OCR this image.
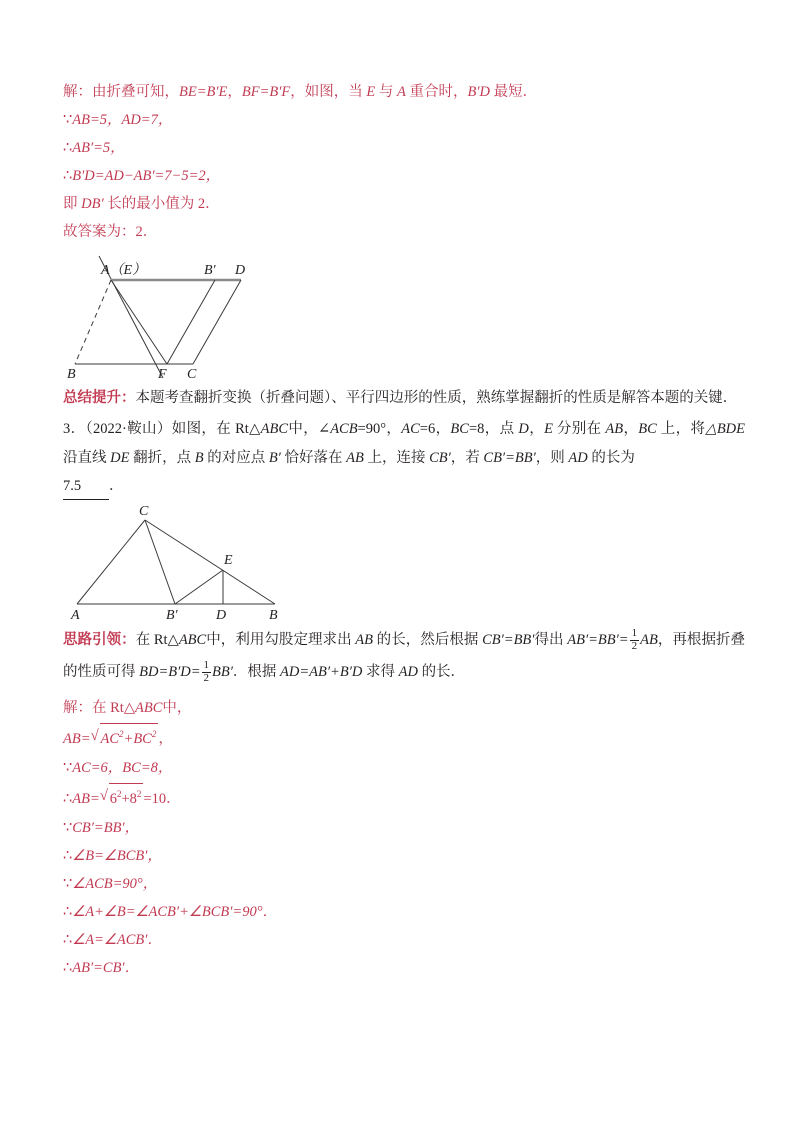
解：由折叠可知，BE=B′E，BF=B′F，如图，当 E 与 A 重合时，B′D 最短．
∵AB=5，AD=7，
∴AB′=5，
∴B′D=AD−AB′=7−5=2，
即 DB′ 长的最小值为 2．
故答案为：2．
A（E）	B′ D
B	F C
总结提升：本题考查翻折变换（折叠问题）、平行四边形的性质，熟练掌握翻折的性质是解答本题的关键．
3．（2022·鞍山）如图，在 Rt△ABC中，∠ACB=90°，AC=6，BC=8，点 D，E 分别在 AB，BC 上，将△BDE 沿直线 DE 翻折，点 B 的对应点 B′ 恰好落在 AB 上，连接 CB′，若 CB′=BB′，则 AD 的长为
7.5 ．
C
E
A	B′	D	B
思路引领：在 Rt△ABC中，利用勾股定理求出 AB 的长，然后根据 CB′=BB′得出 $AB'=BB'= \frac{1}{2}$ AB，再根据折叠的性质可得 $BD=B'D= \frac{1}{2} BB'$．根据 AD=AB′+B′D 求得 AD 的长．
解：在 Rt△ABC中，
AB= √ $AC^2+BC^2$ ，
∵AC=6，BC=8，
∴AB= √ $6^2+8^2 =10$．
∵CB′=BB′，
∴∠B=∠BCB′，
∵∠ACB=90°，
∴∠A+∠B=∠ACB′+∠BCB′=90°．
∴∠A=∠ACB′．
∴AB′=CB′．
